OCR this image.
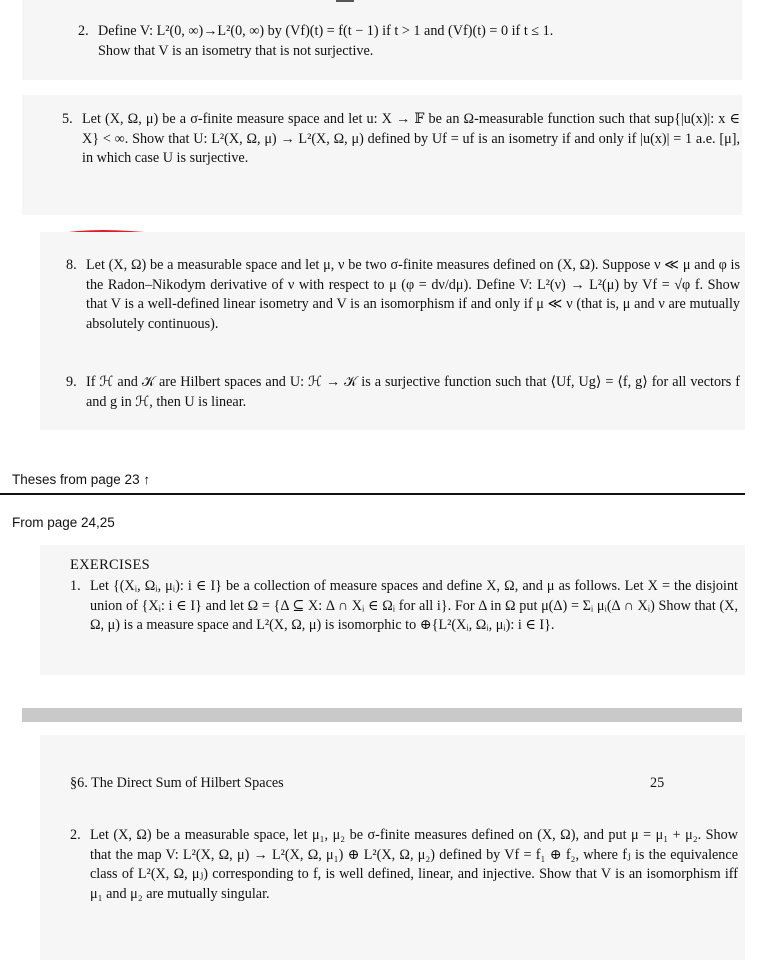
2. Define V: L²(0, ∞)→L²(0, ∞) by (Vf)(t) = f(t − 1) if t > 1 and (Vf)(t) = 0 if t ≤ 1.
Show that V is an isometry that is not surjective.
5. Let (X, Ω, μ) be a σ-finite measure space and let u: X → 𝔽 be an Ω-measurable function such that sup{|u(x)|: x ∈ X} < ∞. Show that U: L²(X, Ω, μ) → L²(X, Ω, μ) defined by Uf = uf is an isometry if and only if |u(x)| = 1 a.e. [μ], in which case U is surjective.
8. Let (X, Ω) be a measurable space and let μ, ν be two σ-finite measures defined on (X, Ω). Suppose ν ≪ μ and φ is the Radon–Nikodym derivative of ν with respect to μ (φ = dν/dμ). Define V: L²(ν) → L²(μ) by Vf = √φ f. Show that V is a well-defined linear isometry and V is an isomorphism if and only if μ ≪ ν (that is, μ and ν are mutually absolutely continuous).
9. If ℋ and 𝒦 are Hilbert spaces and U: ℋ → 𝒦 is a surjective function such that ⟨Uf, Ug⟩ = ⟨f, g⟩ for all vectors f and g in ℋ, then U is linear.
Theses from page 23 ↑
From page 24,25
EXERCISES
1. Let {(Xᵢ, Ωᵢ, μᵢ): i ∈ I} be a collection of measure spaces and define X, Ω, and μ as follows. Let X = the disjoint union of {Xᵢ: i ∈ I} and let Ω = {Δ ⊆ X: Δ ∩ Xᵢ ∈ Ωᵢ for all i}. For Δ in Ω put μ(Δ) = Σᵢ μᵢ(Δ ∩ Xᵢ) Show that (X, Ω, μ) is a measure space and L²(X, Ω, μ) is isomorphic to ⊕{L²(Xᵢ, Ωᵢ, μᵢ): i ∈ I}.
§6. The Direct Sum of Hilbert Spaces	25
2. Let (X, Ω) be a measurable space, let μ₁, μ₂ be σ-finite measures defined on (X, Ω), and put μ = μ₁ + μ₂. Show that the map V: L²(X, Ω, μ) → L²(X, Ω, μ₁) ⊕ L²(X, Ω, μ₂) defined by Vf = f₁ ⊕ f₂, where fⱼ is the equivalence class of L²(X, Ω, μⱼ) corresponding to f, is well defined, linear, and injective. Show that V is an isomorphism iff μ₁ and μ₂ are mutually singular.
